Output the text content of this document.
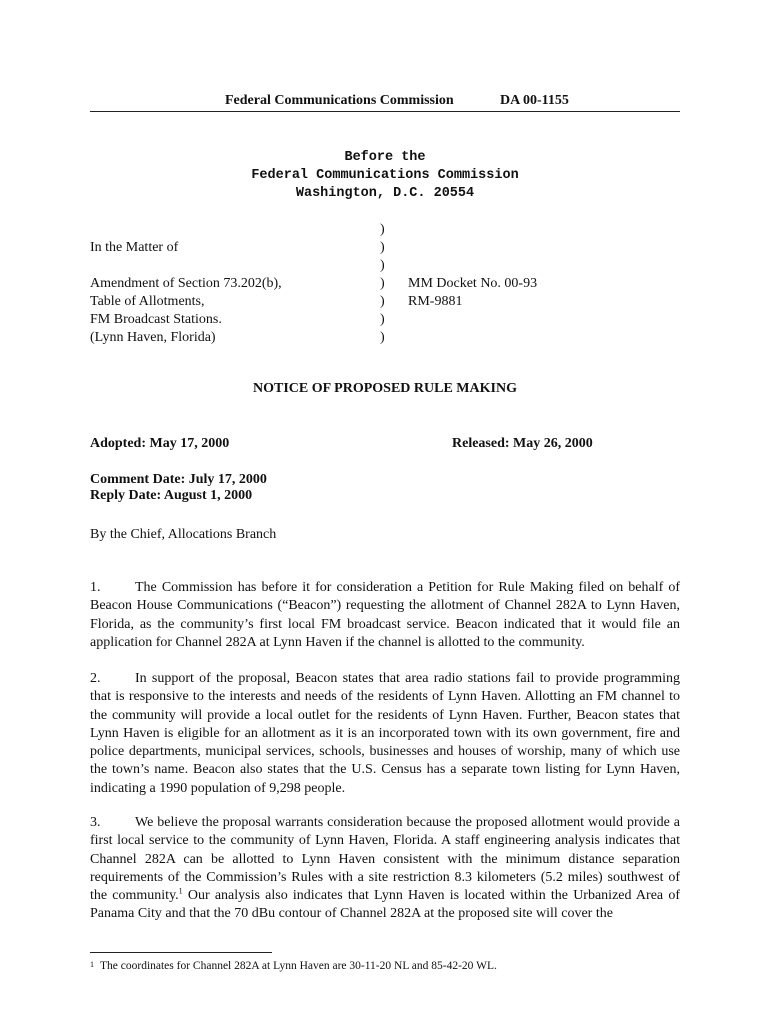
Federal Communications Commission	DA 00-1155
Before the
Federal Communications Commission
Washington, D.C. 20554
In the Matter of
Amendment of Section 73.202(b),
Table of Allotments,
FM Broadcast Stations.
(Lynn Haven, Florida)
)
)
)
)
)
)
)
MM Docket No. 00-93
RM-9881
NOTICE OF PROPOSED RULE MAKING
Adopted: May 17, 2000	Released: May 26, 2000
Comment Date: July 17, 2000
Reply Date: August 1, 2000
By the Chief, Allocations Branch
1. The Commission has before it for consideration a Petition for Rule Making filed on behalf of Beacon House Communications (“Beacon”) requesting the allotment of Channel 282A to Lynn Haven, Florida, as the community’s first local FM broadcast service. Beacon indicated that it would file an application for Channel 282A at Lynn Haven if the channel is allotted to the community.
2. In support of the proposal, Beacon states that area radio stations fail to provide programming that is responsive to the interests and needs of the residents of Lynn Haven. Allotting an FM channel to the community will provide a local outlet for the residents of Lynn Haven. Further, Beacon states that Lynn Haven is eligible for an allotment as it is an incorporated town with its own government, fire and police departments, municipal services, schools, businesses and houses of worship, many of which use the town’s name. Beacon also states that the U.S. Census has a separate town listing for Lynn Haven, indicating a 1990 population of 9,298 people.
3. We believe the proposal warrants consideration because the proposed allotment would provide a first local service to the community of Lynn Haven, Florida. A staff engineering analysis indicates that Channel 282A can be allotted to Lynn Haven consistent with the minimum distance separation requirements of the Commission’s Rules with a site restriction 8.3 kilometers (5.2 miles) southwest of the community.$^1$ Our analysis also indicates that Lynn Haven is located within the Urbanized Area of Panama City and that the 70 dBu contour of Channel 282A at the proposed site will cover the
$^1$ The coordinates for Channel 282A at Lynn Haven are 30-11-20 NL and 85-42-20 WL.
